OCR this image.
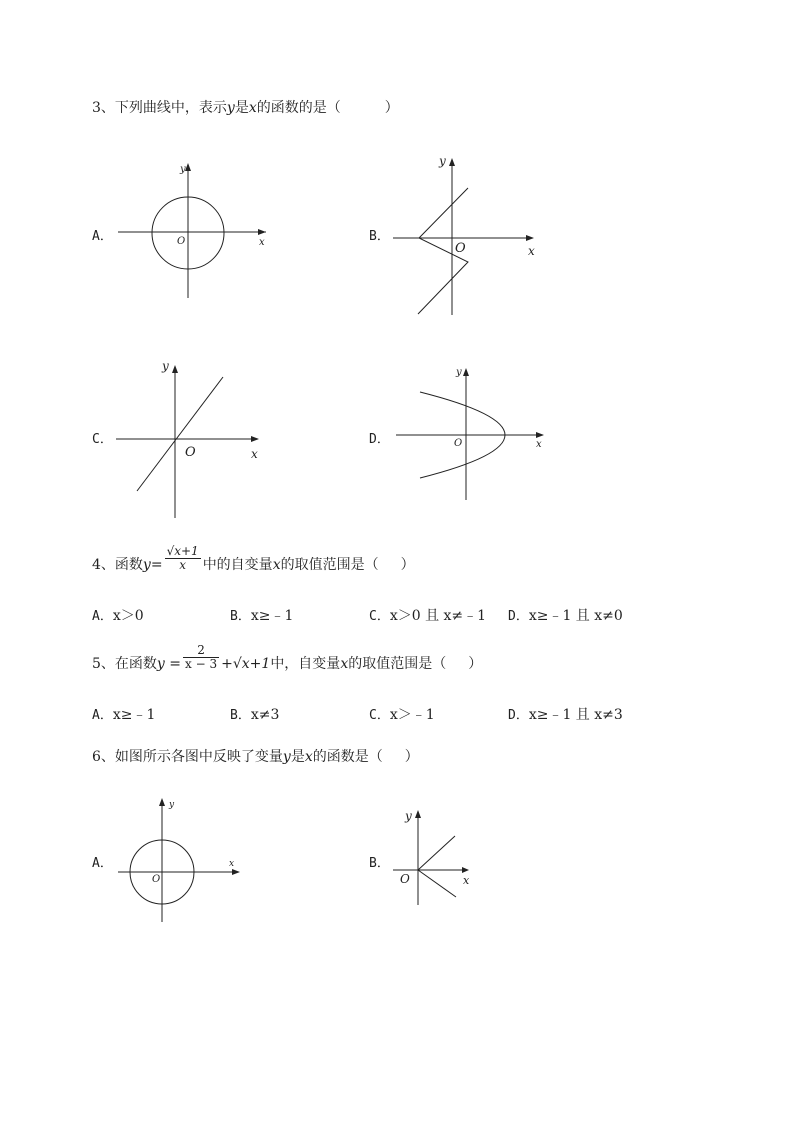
3、下列曲线中，表示y是x的函数的是（	）
A．	x
y
O	B．
x
y
O
C．
x
y
O
D．	x
y
O
4、函数$y= \frac{√x+1}{x}$ 中的自变量x的取值范围是（ ）
A．x＞0	B．x≥﹣1	C．x＞0 且 x≠﹣1 D．x≥﹣1 且 x≠0
5、在函数$y = \frac{2}{x - 3} +√x+1$中，自变量x的取值范围是（ ）
A．x≥﹣1	B．x≠3	C．x＞﹣1	D．x≥﹣1 且 x≠3
6、如图所示各图中反映了变量y是x的函数是（ ）
A．	x
y
O
B．
x
y
O
